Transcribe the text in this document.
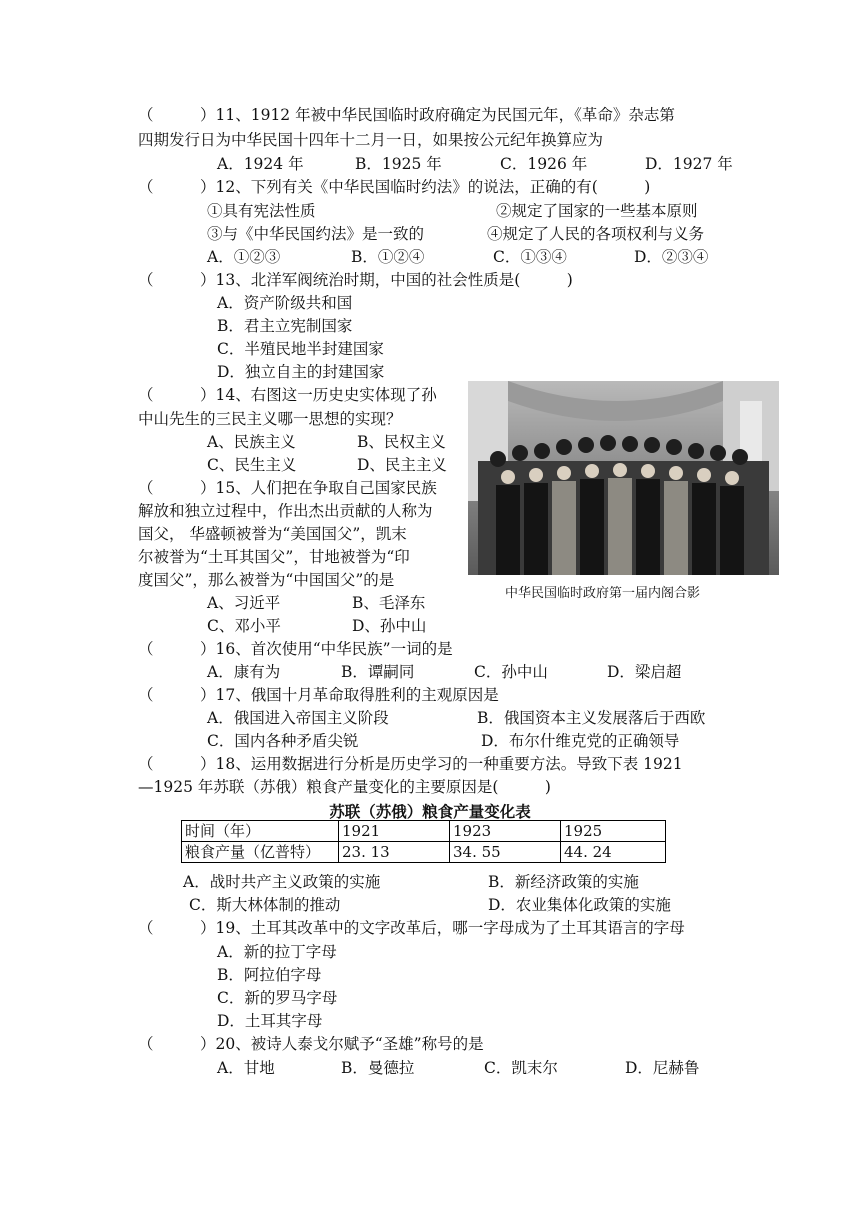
（　　　）11、1912 年被中华民国临时政府确定为民国元年，《革命》杂志第
四期发行日为中华民国十四年十二月一日，如果按公元纪年换算应为
A．1924 年	B．1925 年	C．1926 年	D．1927 年
（　　　）12、下列有关《中华民国临时约法》的说法，正确的有(　　　)
①具有宪法性质	②规定了国家的一些基本原则
③与《中华民国约法》是一致的	④规定了人民的各项权利与义务
A．①②③	B．①②④	C．①③④	D．②③④
（　　　）13、北洋军阀统治时期，中国的社会性质是(　　　)
A．资产阶级共和国
B．君主立宪制国家
C．半殖民地半封建国家
D．独立自主的封建国家
（　　　）14、右图这一历史史实体现了孙
中山先生的三民主义哪一思想的实现？
A、民族主义	B、民权主义
C、民生主义	D、民主主义
中华民国临时政府第一届内阁合影
（　　　）15、人们把在争取自己国家民族
解放和独立过程中，作出杰出贡献的人称为
国父， 华盛顿被誉为“美国国父”，凯末
尔被誉为“土耳其国父”，甘地被誉为“印
度国父”，那么被誉为“中国国父”的是
A、习近平	B、毛泽东
C、邓小平	D、孙中山
（　　　）16、首次使用“中华民族”一词的是
A．康有为	B．谭嗣同	C．孙中山	D．梁启超
（　　　）17、俄国十月革命取得胜利的主观原因是
A．俄国进入帝国主义阶段	B．俄国资本主义发展落后于西欧
C．国内各种矛盾尖锐	D．布尔什维克党的正确领导
（　　　）18、运用数据进行分析是历史学习的一种重要方法。导致下表 1921
—1925 年苏联（苏俄）粮食产量变化的主要原因是(　　　)
苏联（苏俄）粮食产量变化表
时间（年）	1921	1923	1925
粮食产量（亿普特）	23. 13	34. 55	44. 24
A．战时共产主义政策的实施	B．新经济政策的实施
C．斯大林体制的推动	D．农业集体化政策的实施
（　　　）19、土耳其改革中的文字改革后，哪一字母成为了土耳其语言的字母
A．新的拉丁字母
B．阿拉伯字母
C．新的罗马字母
D．土耳其字母
（　　　）20、被诗人泰戈尔赋予“圣雄”称号的是
A．甘地	B．曼德拉	C．凯末尔	D．尼赫鲁
